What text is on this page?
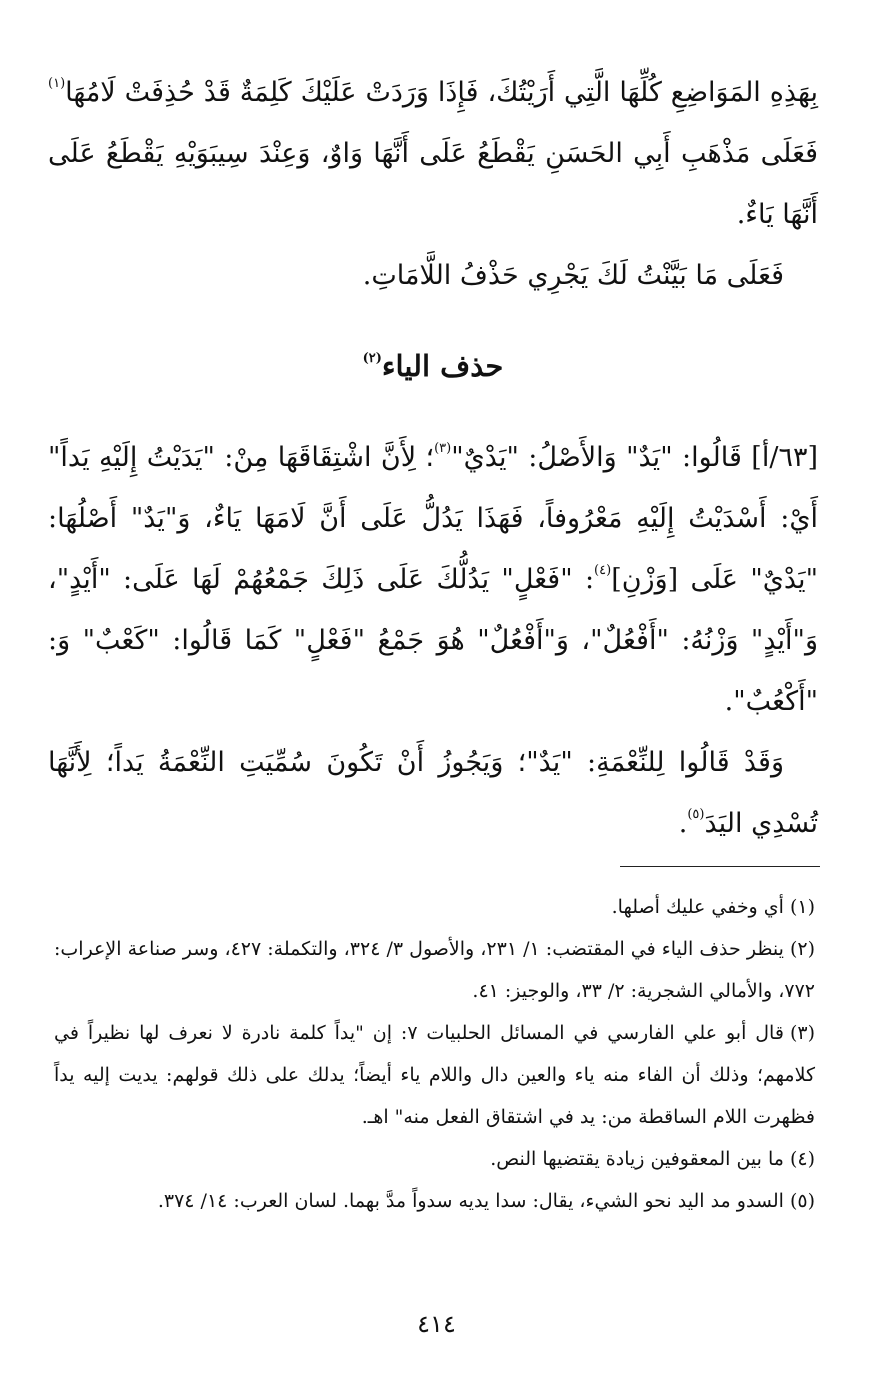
بِهَذِهِ المَوَاضِعِ كُلِّهَا الَّتِي أَرَيْتُكَ، فَإِذَا وَرَدَتْ عَلَيْكَ كَلِمَةٌ قَدْ حُذِفَتْ لَامُهَا$^{(١)}$ فَعَلَى مَذْهَبِ أَبِي الحَسَنِ يَقْطَعُ عَلَى أَنَّهَا وَاوٌ، وَعِنْدَ سِيبَوَيْهِ يَقْطَعُ عَلَى أَنَّهَا يَاءٌ.

فَعَلَى مَا بَيَّنْتُ لَكَ يَجْرِي حَذْفُ اللَّامَاتِ.

حذف الياء$^{(٢)}$

[٦٣/أ] قَالُوا: "يَدٌ" وَالأَصْلُ: "يَدْيٌ"$^{(٣)}$؛ لِأَنَّ اشْتِقَاقَهَا مِنْ: "يَدَيْتُ إِلَيْهِ يَداً" أَيْ: أَسْدَيْتُ إِلَيْهِ مَعْرُوفاً، فَهَذَا يَدُلُّ عَلَى أَنَّ لَامَهَا يَاءٌ، وَ"يَدٌ" أَصْلُهَا: "يَدْيٌ" عَلَى [وَزْنِ]$^{(٤)}$: "فَعْلٍ" يَدُلُّكَ عَلَى ذَلِكَ جَمْعُهُمْ لَهَا عَلَى: "أَيْدٍ"، وَ"أَيْدٍ" وَزْنُهُ: "أَفْعُلٌ"، وَ"أَفْعُلٌ" هُوَ جَمْعُ "فَعْلٍ" كَمَا قَالُوا: "كَعْبٌ" وَ: "أَكْعُبٌ".

وَقَدْ قَالُوا لِلنِّعْمَةِ: "يَدٌ"؛ وَيَجُوزُ أَنْ تَكُونَ سُمِّيَتِ النِّعْمَةُ يَداً؛ لِأَنَّهَا تُسْدِي اليَدَ$^{(٥)}$.

(١)أي وخفي عليك أصلها.

(٢)ينظر حذف الياء في المقتضب: ١/ ٢٣١، والأصول ٣/ ٣٢٤، والتكملة: ٤٢٧، وسر صناعة الإعراب: ٧٧٢، والأمالي الشجرية: ٢/ ٣٣، والوجيز: ٤١.

(٣)قال أبو علي الفارسي في المسائل الحلبيات ٧: إن "يداً كلمة نادرة لا نعرف لها نظيراً في كلامهم؛ وذلك أن الفاء منه ياء والعين دال واللام ياء أيضاً؛ يدلك على ذلك قولهم: يديت إليه يداً فظهرت اللام الساقطة من: يد في اشتقاق الفعل منه" اهـ.

(٤)ما بين المعقوفين زيادة يقتضيها النص.

(٥)السدو مد اليد نحو الشيء، يقال: سدا يديه سدواً مدَّ بهما. لسان العرب: ١٤/ ٣٧٤.

٤١٤
